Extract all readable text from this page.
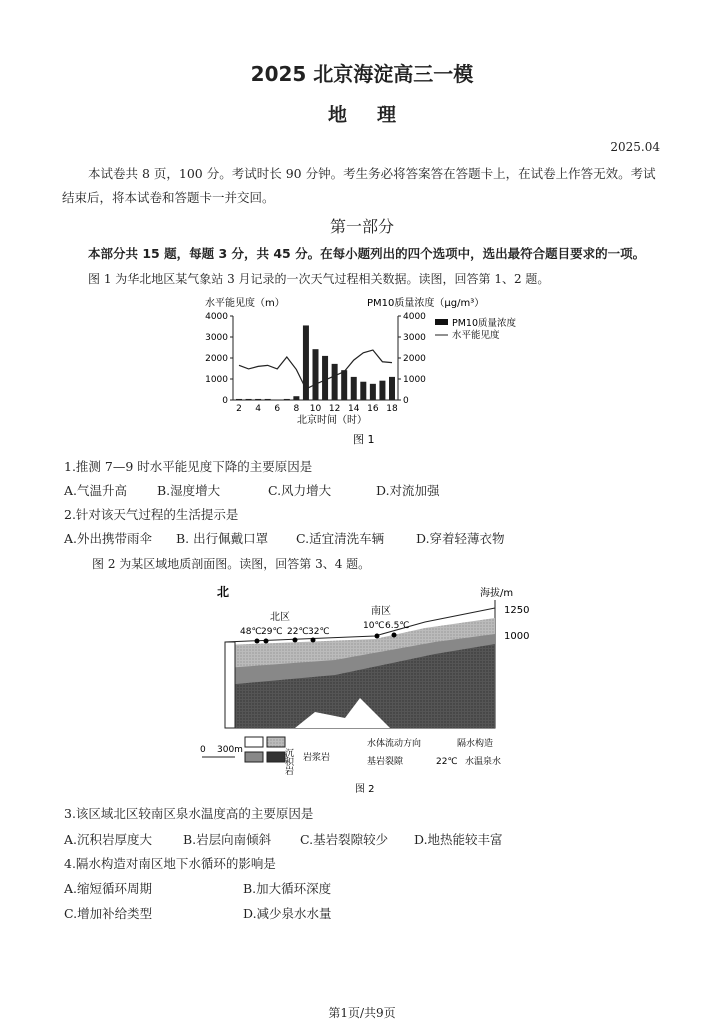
2025 北京海淀高三一模
地理
2025.04
本试卷共 8 页，100 分。考试时长 90 分钟。考生务必将答案答在答题卡上，在试卷上作答无效。考试
结束后，将本试卷和答题卡一并交回。
第一部分
本部分共 15 题，每题 3 分，共 45 分。在每小题列出的四个选项中，选出最符合题目要求的一项。
图 1 为华北地区某气象站 3 月记录的一次天气过程相关数据。读图，回答第 1、2 题。
水平能见度（m）	PM10质量浓度（μg/m³）
0	0
1000	1000
2000	2000
3000	3000
4000	4000
2 4 6 8 10 12 14 16 18
PM10质量浓度
水平能见度
北京时间（时）
图 1
1.推测 7—9 时水平能见度下降的主要原因是
A.气温升高 B.湿度增大	C.风力增大	D.对流加强
2.针对该天气过程的生活提示是
A.外出携带雨伞 B. 出行佩戴口罩 C.适宜清洗车辆	D.穿着轻薄衣物
图 2 为某区域地质剖面图。读图，回答第 3、4 题。
北	海拔/m
1250
1000
北区
南区
48℃ 29℃ 22℃ 32℃
10℃ 6.5℃
0 300m	沉积岩 岩浆岩
水体流动方向
基岩裂隙
隔水构造
22℃ 水温泉水
图 2
3.该区域北区较南区泉水温度高的主要原因是
A.沉积岩厚度大 B.岩层向南倾斜 C.基岩裂隙较少 D.地热能较丰富
4.隔水构造对南区地下水循环的影响是
A.缩短循环周期	B.加大循环深度
C.增加补给类型	D.减少泉水水量
第1页/共9页
